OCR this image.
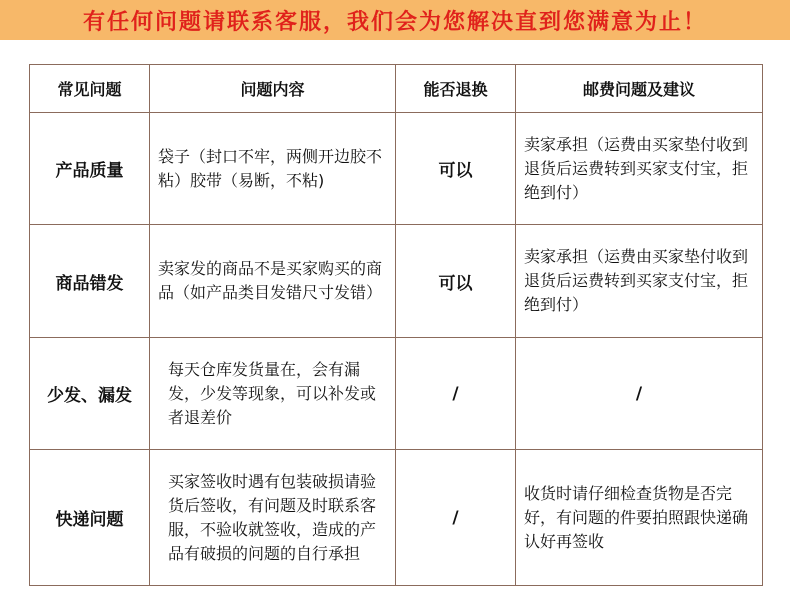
有任何问题请联系客服，我们会为您解决直到您满意为止！
常见问题	问题内容	能否退换	邮费问题及建议
产品质量	袋子（封口不牢，两侧开边胶不粘）胶带（易断，不粘)	可以	卖家承担（运费由买家垫付收到退货后运费转到买家支付宝，拒绝到付）

商品错发	卖家发的商品不是买家购买的商品（如产品类目发错尺寸发错）	可以	卖家承担（运费由买家垫付收到退货后运费转到买家支付宝，拒绝到付）

少发、漏发	每天仓库发货量在，会有漏发，少发等现象，可以补发或者退差价	/	/
快递问题	买家签收时遇有包装破损请验货后签收，有问题及时联系客服，不验收就签收，造成的产品有破损的问题的自行承担	/	收货时请仔细检查货物是否完好，有问题的件要拍照跟快递确认好再签收
